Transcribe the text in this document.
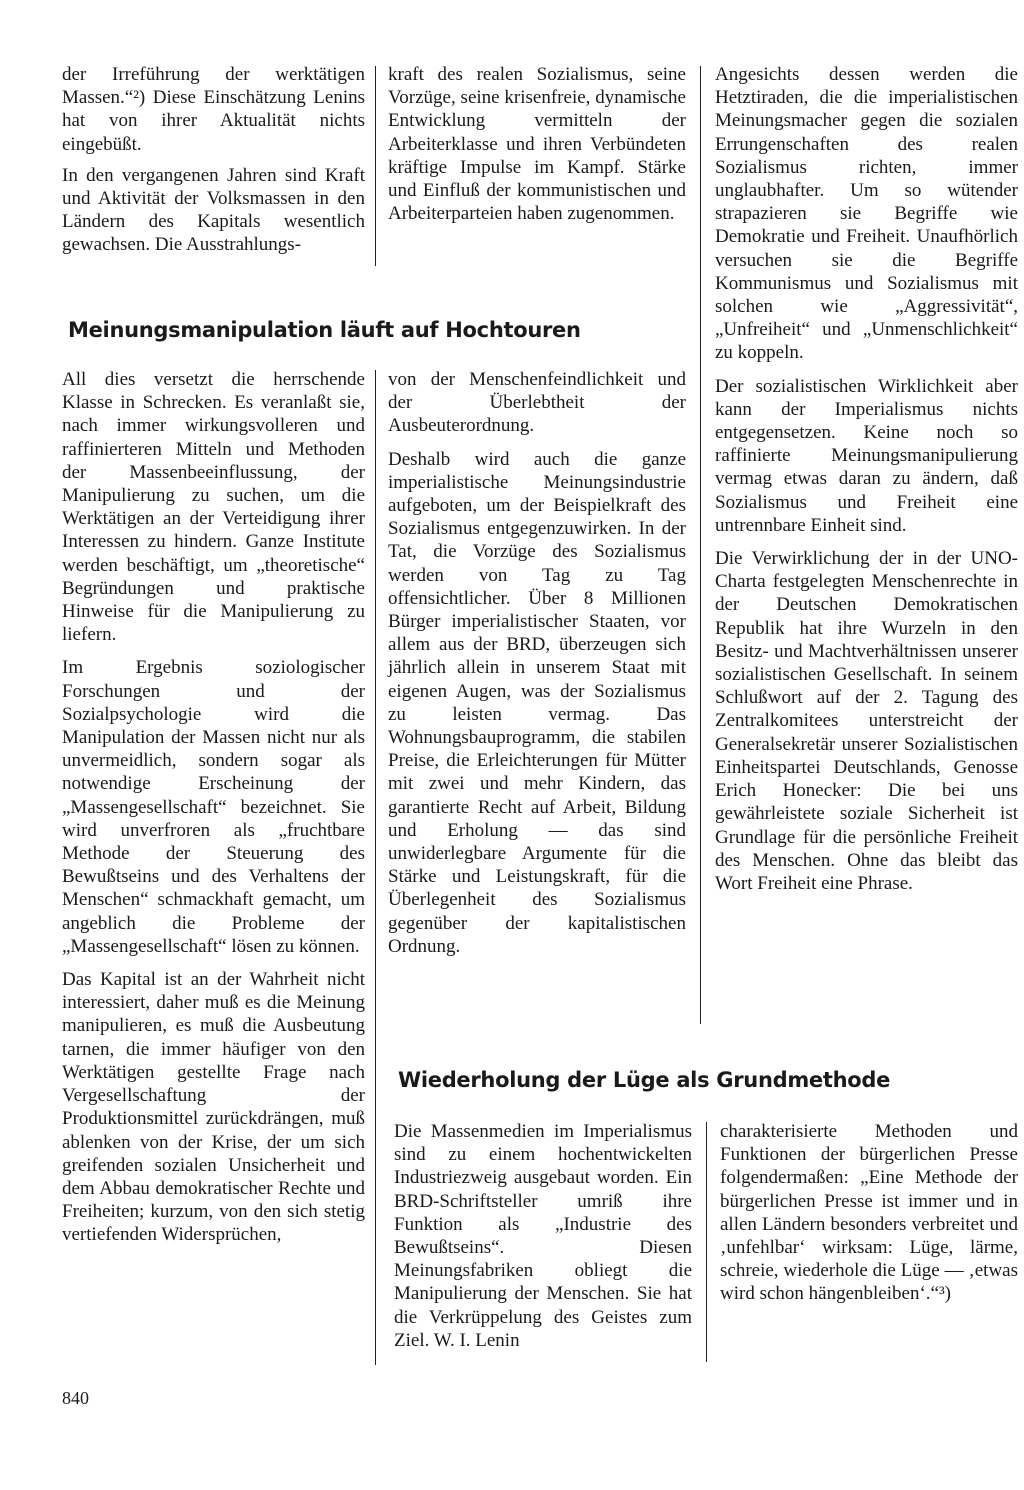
der Irreführung der werktätigen Massen.“²) Diese Einschätzung Lenins hat von ihrer Aktualität nichts eingebüßt.

In den vergangenen Jahren sind Kraft und Aktivität der Volksmassen in den Ländern des Kapitals wesentlich gewachsen. Die Ausstrahlungs-

kraft des realen Sozialismus, seine Vorzüge, seine krisenfreie, dynamische Entwicklung vermitteln der Arbeiterklasse und ihren Verbündeten kräftige Impulse im Kampf. Stärke und Einfluß der kommunistischen und Arbeiterparteien haben zugenommen.

Meinungsmanipulation läuft auf Hochtouren

All dies versetzt die herrschende Klasse in Schrecken. Es veranlaßt sie, nach immer wirkungsvolleren und raffinierteren Mitteln und Methoden der Massenbeeinflussung, der Manipulierung zu suchen, um die Werktätigen an der Verteidigung ihrer Interessen zu hindern. Ganze Institute werden beschäftigt, um „theoretische“ Begründungen und praktische Hinweise für die Manipulierung zu liefern.

Im Ergebnis soziologischer Forschungen und der Sozialpsychologie wird die Manipulation der Massen nicht nur als unvermeidlich, sondern sogar als notwendige Erscheinung der „Massengesellschaft“ bezeichnet. Sie wird unverfroren als „fruchtbare Methode der Steuerung des Bewußtseins und des Verhaltens der Menschen“ schmackhaft gemacht, um angeblich die Probleme der „Massengesellschaft“ lösen zu können.

Das Kapital ist an der Wahrheit nicht interessiert, daher muß es die Meinung manipulieren, es muß die Ausbeutung tarnen, die immer häufiger von den Werktätigen gestellte Frage nach Vergesellschaftung der Produktionsmittel zurückdrängen, muß ablenken von der Krise, der um sich greifenden sozialen Unsicherheit und dem Abbau demokratischer Rechte und Freiheiten; kurzum, von den sich stetig vertiefenden Widersprüchen,

von der Menschenfeindlichkeit und der Überlebtheit der Ausbeuterordnung.

Deshalb wird auch die ganze imperialistische Meinungsindustrie aufgeboten, um der Beispielkraft des Sozialismus entgegenzuwirken. In der Tat, die Vorzüge des Sozialismus werden von Tag zu Tag offensichtlicher. Über 8 Millionen Bürger imperialistischer Staaten, vor allem aus der BRD, überzeugen sich jährlich allein in unserem Staat mit eigenen Augen, was der Sozialismus zu leisten vermag. Das Wohnungsbauprogramm, die stabilen Preise, die Erleichterungen für Mütter mit zwei und mehr Kindern, das garantierte Recht auf Arbeit, Bildung und Erholung — das sind unwiderlegbare Argumente für die Stärke und Leistungskraft, für die Überlegenheit des Sozialismus gegenüber der kapitalistischen Ordnung.

Angesichts dessen werden die Hetztiraden, die die imperialistischen Meinungsmacher gegen die sozialen Errungenschaften des realen Sozialismus richten, immer unglaubhafter. Um so wütender strapazieren sie Begriffe wie Demokratie und Freiheit. Unaufhörlich versuchen sie die Begriffe Kommunismus und Sozialismus mit solchen wie „Aggressivität“, „Unfreiheit“ und „Unmenschlichkeit“ zu koppeln.

Der sozialistischen Wirklichkeit aber kann der Imperialismus nichts entgegensetzen. Keine noch so raffinierte Meinungsmanipulierung vermag etwas daran zu ändern, daß Sozialismus und Freiheit eine untrennbare Einheit sind.

Die Verwirklichung der in der UNO-Charta festgelegten Menschenrechte in der Deutschen Demokratischen Republik hat ihre Wurzeln in den Besitz- und Machtverhältnissen unserer sozialistischen Gesellschaft. In seinem Schlußwort auf der 2. Tagung des Zentralkomitees unterstreicht der Generalsekretär unserer Sozialistischen Einheitspartei Deutschlands, Genosse Erich Honecker: Die bei uns gewährleistete soziale Sicherheit ist Grundlage für die persönliche Freiheit des Menschen. Ohne das bleibt das Wort Freiheit eine Phrase.

Wiederholung der Lüge als Grundmethode

Die Massenmedien im Imperialismus sind zu einem hochentwickelten Industriezweig ausgebaut worden. Ein BRD-Schriftsteller umriß ihre Funktion als „Industrie des Bewußtseins“. Diesen Meinungsfabriken obliegt die Manipulierung der Menschen. Sie hat die Verkrüppelung des Geistes zum Ziel. W. I. Lenin

charakterisierte Methoden und Funktionen der bürgerlichen Presse folgendermaßen: „Eine Methode der bürgerlichen Presse ist immer und in allen Ländern besonders verbreitet und ‚unfehlbar‘ wirksam: Lüge, lärme, schreie, wiederhole die Lüge — ‚etwas wird schon hängenbleiben‘.“³)

840
